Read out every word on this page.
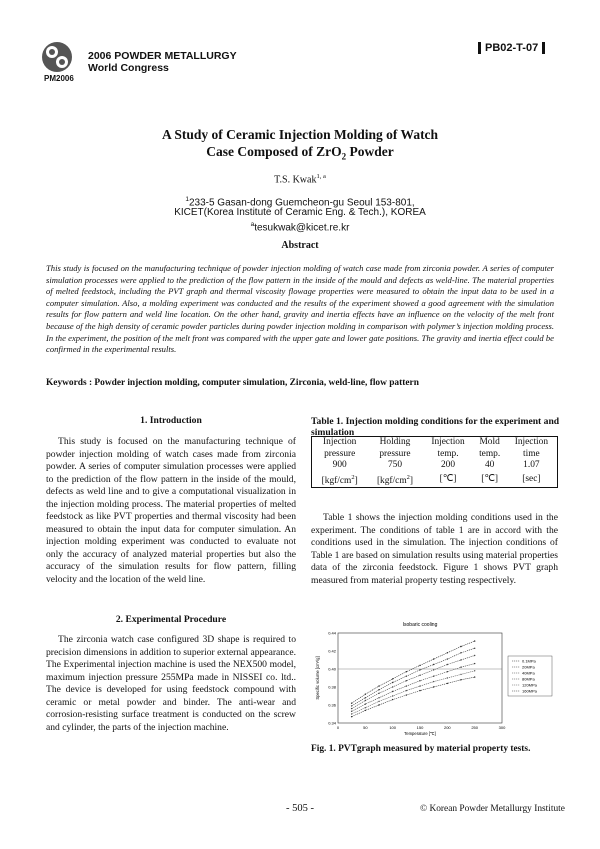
2006 POWDER METALLURGY
World Congress
PM2006
PB02-T-07
A Study of Ceramic Injection Molding of Watch
Case Composed of ZrO$_2$ Powder
T.S. Kwak$^{1, a}$
$^1$233-5 Gasan-dong Guemcheon-gu Seoul 153-801,
KICET(Korea Institute of Ceramic Eng. & Tech.), KOREA
$^a$tesukwak@kicet.re.kr
Abstract
This study is focused on the manufacturing technique of powder injection molding of watch case made from zirconia powder. A series of computer simulation processes were applied to the prediction of the flow pattern in the inside of the mould and defects as weld-line. The material properties of melted feedstock, including the PVT graph and thermal viscosity flowage properties were measured to obtain the input data to be used in a computer simulation. Also, a molding experiment was conducted and the results of the experiment showed a good agreement with the simulation results for flow pattern and weld line location. On the other hand, gravity and inertia effects have an influence on the velocity of the melt front because of the high density of ceramic powder particles during powder injection molding in comparison with polymer’s injection molding process. In the experiment, the position of the melt front was compared with the upper gate and lower gate positions. The gravity and inertia effect could be confirmed in the experimental results.
Keywords : Powder injection molding, computer simulation, Zirconia, weld-line, flow pattern
1. Introduction
This study is focused on the manufacturing technique of powder injection molding of watch cases made from zirconia powder. A series of computer simulation processes were applied to the prediction of the flow pattern in the inside of the mould, defects as weld line and to give a computational visualization in the injection molding process. The material properties of melted feedstock as like PVT properties and thermal viscosity had been measured to obtain the input data for computer simulation. An injection molding experiment was conducted to evaluate not only the accuracy of analyzed material properties but also the accuracy of the simulation results for flow pattern, filling velocity and the location of the weld line.
2. Experimental Procedure
The zirconia watch case configured 3D shape is required to precision dimensions in addition to superior external appearance. The Experimental injection machine is used the NEX500 model, maximum injection pressure 255MPa made in NISSEI co. ltd.. The device is developed for using feedstock compound with ceramic or metal powder and binder. The anti-wear and corrosion-resisting surface treatment is conducted on the screw and cylinder, the parts of the injection machine.
Table 1. Injection molding conditions for the experiment and simulation
Injection	Holding	Injection	Mold	Injection
pressure	pressure	temp.	temp.	time
900	750	200	40	1.07
$[kgf/cm^2]$	$[kgf/cm^2]$	[℃]	[℃]	[sec]
Table 1 shows the injection molding conditions used in the experiment. The conditions of table 1 are in accord with the conditions used in the simulation. The injection conditions of Table 1 are based on simulation results using material properties data of the zirconia feedstock. Figure 1 shows PVT graph measured from material property testing respectively.
Isobaric cooling
0	50	100	150	200	250	300
0.34
0.36
0.38
0.40
0.42
0.44
Temperature [℃]
Specific volume [cm³/g]	0.1MPa
20MPa
40MPa
80MPa
120MPa
160MPa
Fig. 1. PVTgraph measured by material property tests.
- 505 -	© Korean Powder Metallurgy Institute
